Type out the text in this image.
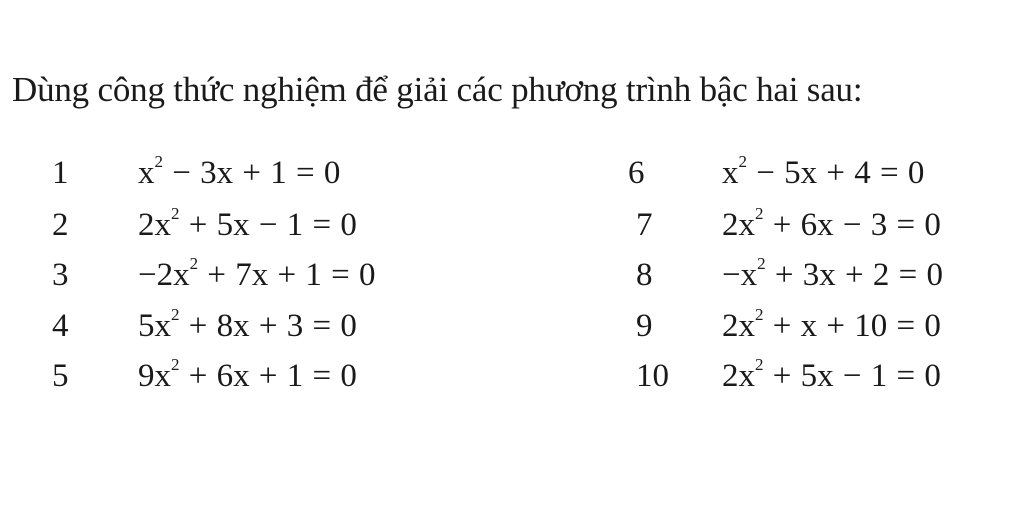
Dùng công thức nghiệm để giải các phương trình bậc hai sau:
1 $x^2 - 3x + 1 = 0$
2 $2x^2 + 5x - 1 = 0$
$3 -2x^2 + 7x + 1 = 0$
4 $5x^2 + 8x + 3 = 0$
5 $9x^2 + 6x + 1 = 0$
6 $x^2 - 5x + 4 = 0$
7 $2x^2 + 6x - 3 = 0$
$8 -x^2 + 3x + 2 = 0$
9 $2x^2 + x + 10 = 0$
10 $2x^2 + 5x - 1 = 0$
